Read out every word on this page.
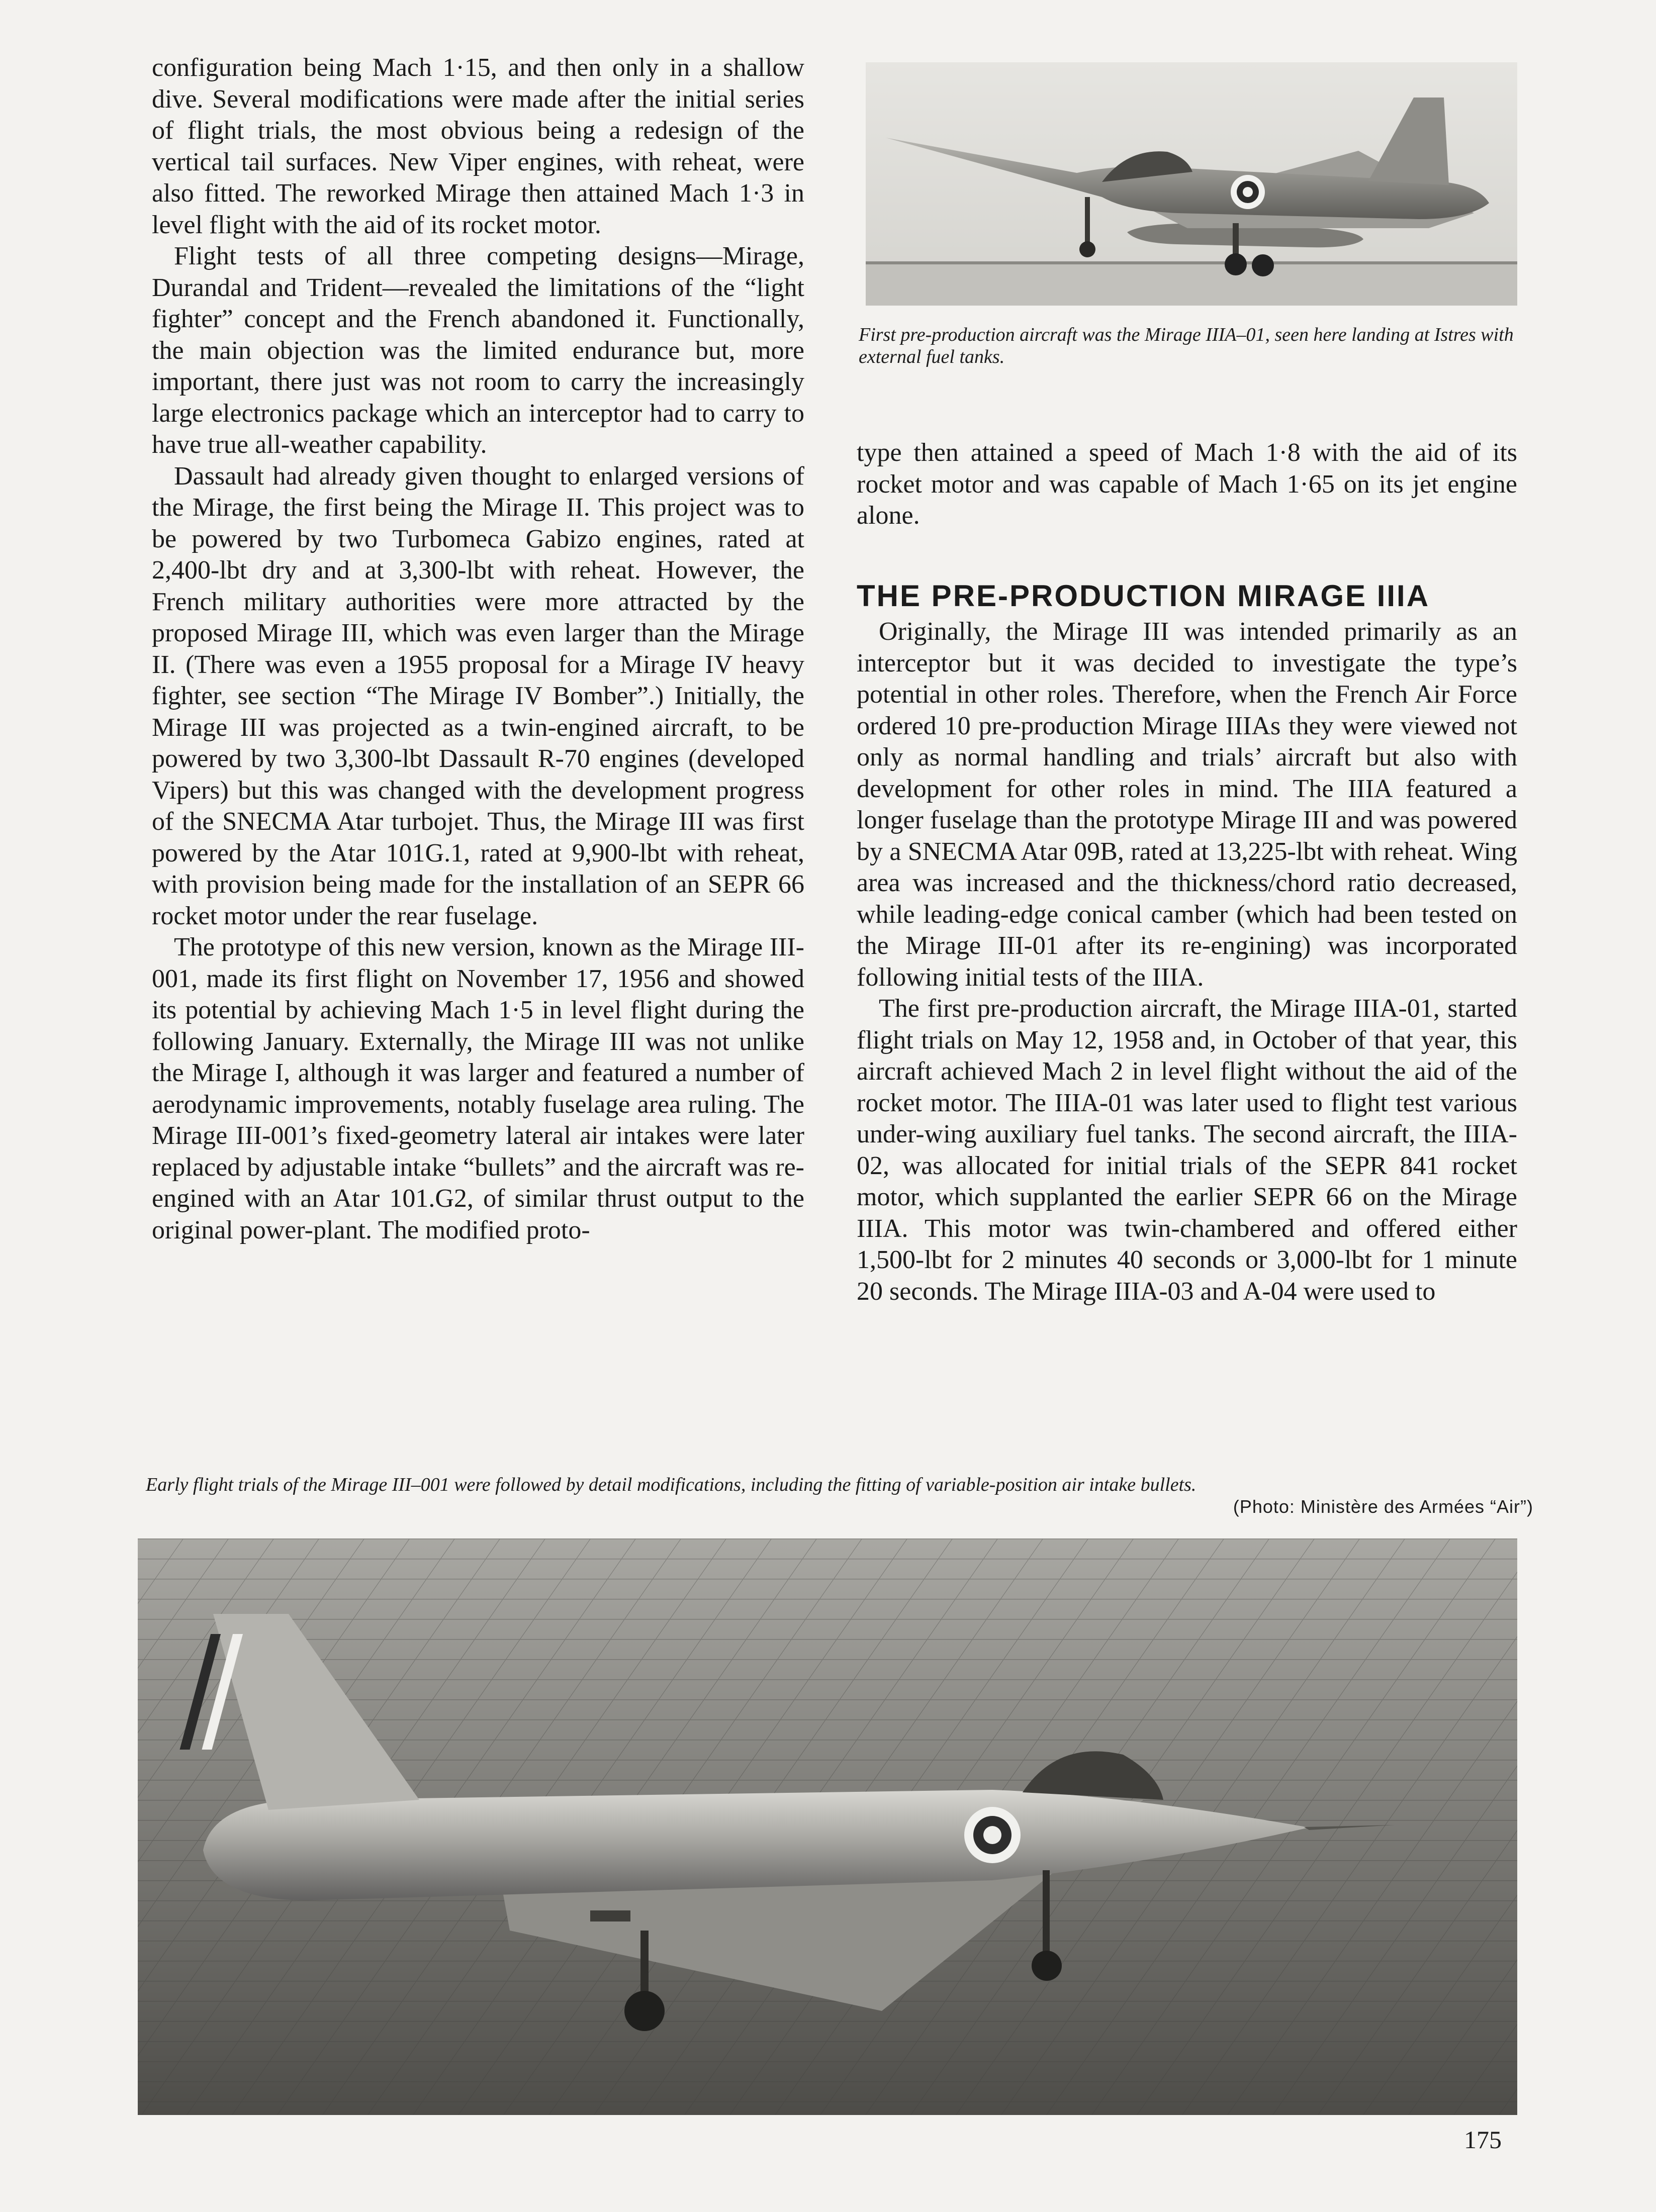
configuration being Mach 1·15, and then only in a shallow dive. Several modifications were made after the initial series of flight trials, the most obvious being a redesign of the vertical tail surfaces. New Viper engines, with reheat, were also fitted. The reworked Mirage then attained Mach 1·3 in level flight with the aid of its rocket motor.

Flight tests of all three competing designs—Mirage, Durandal and Trident—revealed the limitations of the “light fighter” concept and the French abandoned it. Functionally, the main objection was the limited endurance but, more important, there just was not room to carry the increasingly large electronics package which an interceptor had to carry to have true all-weather capability.

Dassault had already given thought to enlarged versions of the Mirage, the first being the Mirage II. This project was to be powered by two Turbomeca Gabizo engines, rated at 2,400-lbt dry and at 3,300-lbt with reheat. However, the French military authorities were more attracted by the proposed Mirage III, which was even larger than the Mirage II. (There was even a 1955 proposal for a Mirage IV heavy fighter, see section “The Mirage IV Bomber”.) Initially, the Mirage III was projected as a twin-engined aircraft, to be powered by two 3,300-lbt Dassault R-70 engines (developed Vipers) but this was changed with the development progress of the SNECMA Atar turbojet. Thus, the Mirage III was first powered by the Atar 101G.1, rated at 9,900-lbt with reheat, with provision being made for the installation of an SEPR 66 rocket motor under the rear fuselage.

The prototype of this new version, known as the Mirage III-001, made its first flight on November 17, 1956 and showed its potential by achieving Mach 1·5 in level flight during the following January. Externally, the Mirage III was not unlike the Mirage I, although it was larger and featured a number of aerodynamic improvements, notably fuselage area ruling. The Mirage III-001’s fixed-geometry lateral air intakes were later replaced by adjustable intake “bullets” and the aircraft was re-engined with an Atar 101.G2, of similar thrust output to the original power-plant. The modified proto-

First pre-production aircraft was the Mirage IIIA–01, seen here landing at Istres with external fuel tanks.

type then attained a speed of Mach 1·8 with the aid of its rocket motor and was capable of Mach 1·65 on its jet engine alone.

THE PRE-PRODUCTION MIRAGE IIIA

Originally, the Mirage III was intended primarily as an interceptor but it was decided to investigate the type’s potential in other roles. Therefore, when the French Air Force ordered 10 pre-production Mirage IIIAs they were viewed not only as normal handling and trials’ aircraft but also with development for other roles in mind. The IIIA featured a longer fuselage than the prototype Mirage III and was powered by a SNECMA Atar 09B, rated at 13,225-lbt with reheat. Wing area was increased and the thickness/chord ratio decreased, while leading-edge conical camber (which had been tested on the Mirage III-01 after its re-engining) was incorporated following initial tests of the IIIA.

The first pre-production aircraft, the Mirage IIIA-01, started flight trials on May 12, 1958 and, in October of that year, this aircraft achieved Mach 2 in level flight without the aid of the rocket motor. The IIIA-01 was later used to flight test various under-wing auxiliary fuel tanks. The second aircraft, the IIIA-02, was allocated for initial trials of the SEPR 841 rocket motor, which supplanted the earlier SEPR 66 on the Mirage IIIA. This motor was twin-chambered and offered either 1,500-lbt for 2 minutes 40 seconds or 3,000-lbt for 1 minute 20 seconds. The Mirage IIIA-03 and A-04 were used to

Early flight trials of the Mirage III–001 were followed by detail modifications, including the fitting of variable-position air intake bullets.
(Photo: Ministère des Armées “Air”)
175
